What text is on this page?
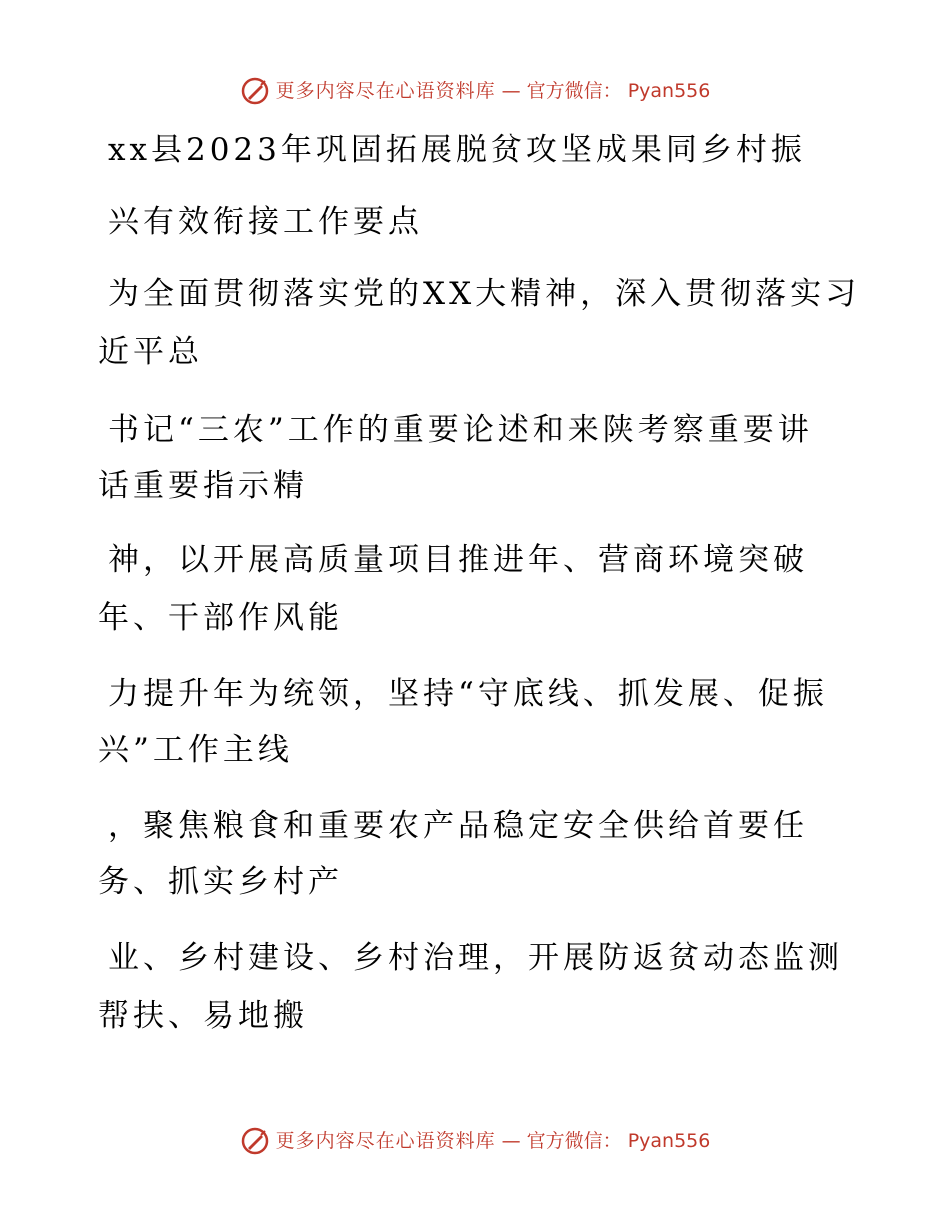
更多内容尽在心语资料库 — 官方微信： Pyan556
xx县2023年巩固拓展脱贫攻坚成果同乡村振
兴有效衔接工作要点
为全面贯彻落实党的XX大精神，深入贯彻落实习
近平总
书记“三农”工作的重要论述和来陕考察重要讲
话重要指示精
神，以开展高质量项目推进年、营商环境突破
年、干部作风能
力提升年为统领，坚持“守底线、抓发展、促振
兴”工作主线
，聚焦粮食和重要农产品稳定安全供给首要任
务、抓实乡村产
业、乡村建设、乡村治理，开展防返贫动态监测
帮扶、易地搬
更多内容尽在心语资料库 — 官方微信： Pyan556
